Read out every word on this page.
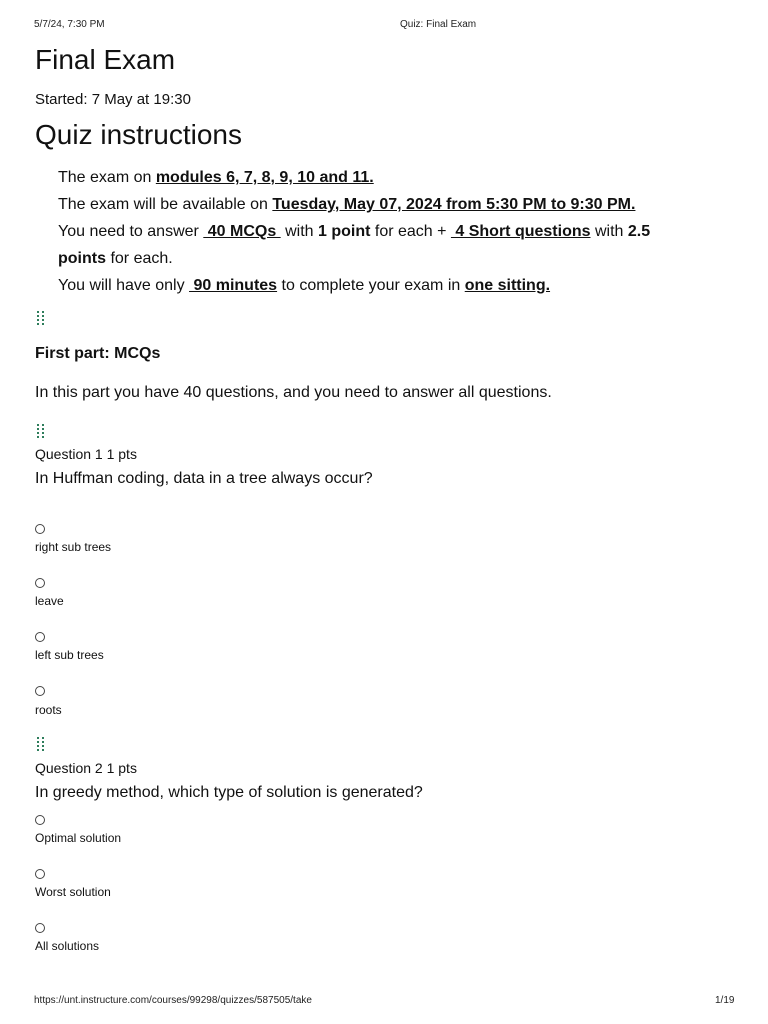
5/7/24, 7:30 PM	Quiz: Final Exam
Final Exam
Started: 7 May at 19:30
Quiz instructions
The exam on modules 6, 7, 8, 9, 10 and 11.
The exam will be available on Tuesday, May 07, 2024 from 5:30 PM to 9:30 PM.
You need to answer  40 MCQs  with 1 point for each +  4 Short questions with 2.5
points for each.
You will have only  90 minutes to complete your exam in one sitting.
First part: MCQs
In this part you have 40 questions, and you need to answer all questions.
Question 1 1 pts
In Huffman coding, data in a tree always occur?
right sub trees
leave
left sub trees
roots
Question 2 1 pts
In greedy method, which type of solution is generated?
Optimal solution
Worst solution
All solutions
https://unt.instructure.com/courses/99298/quizzes/587505/take	1/19
